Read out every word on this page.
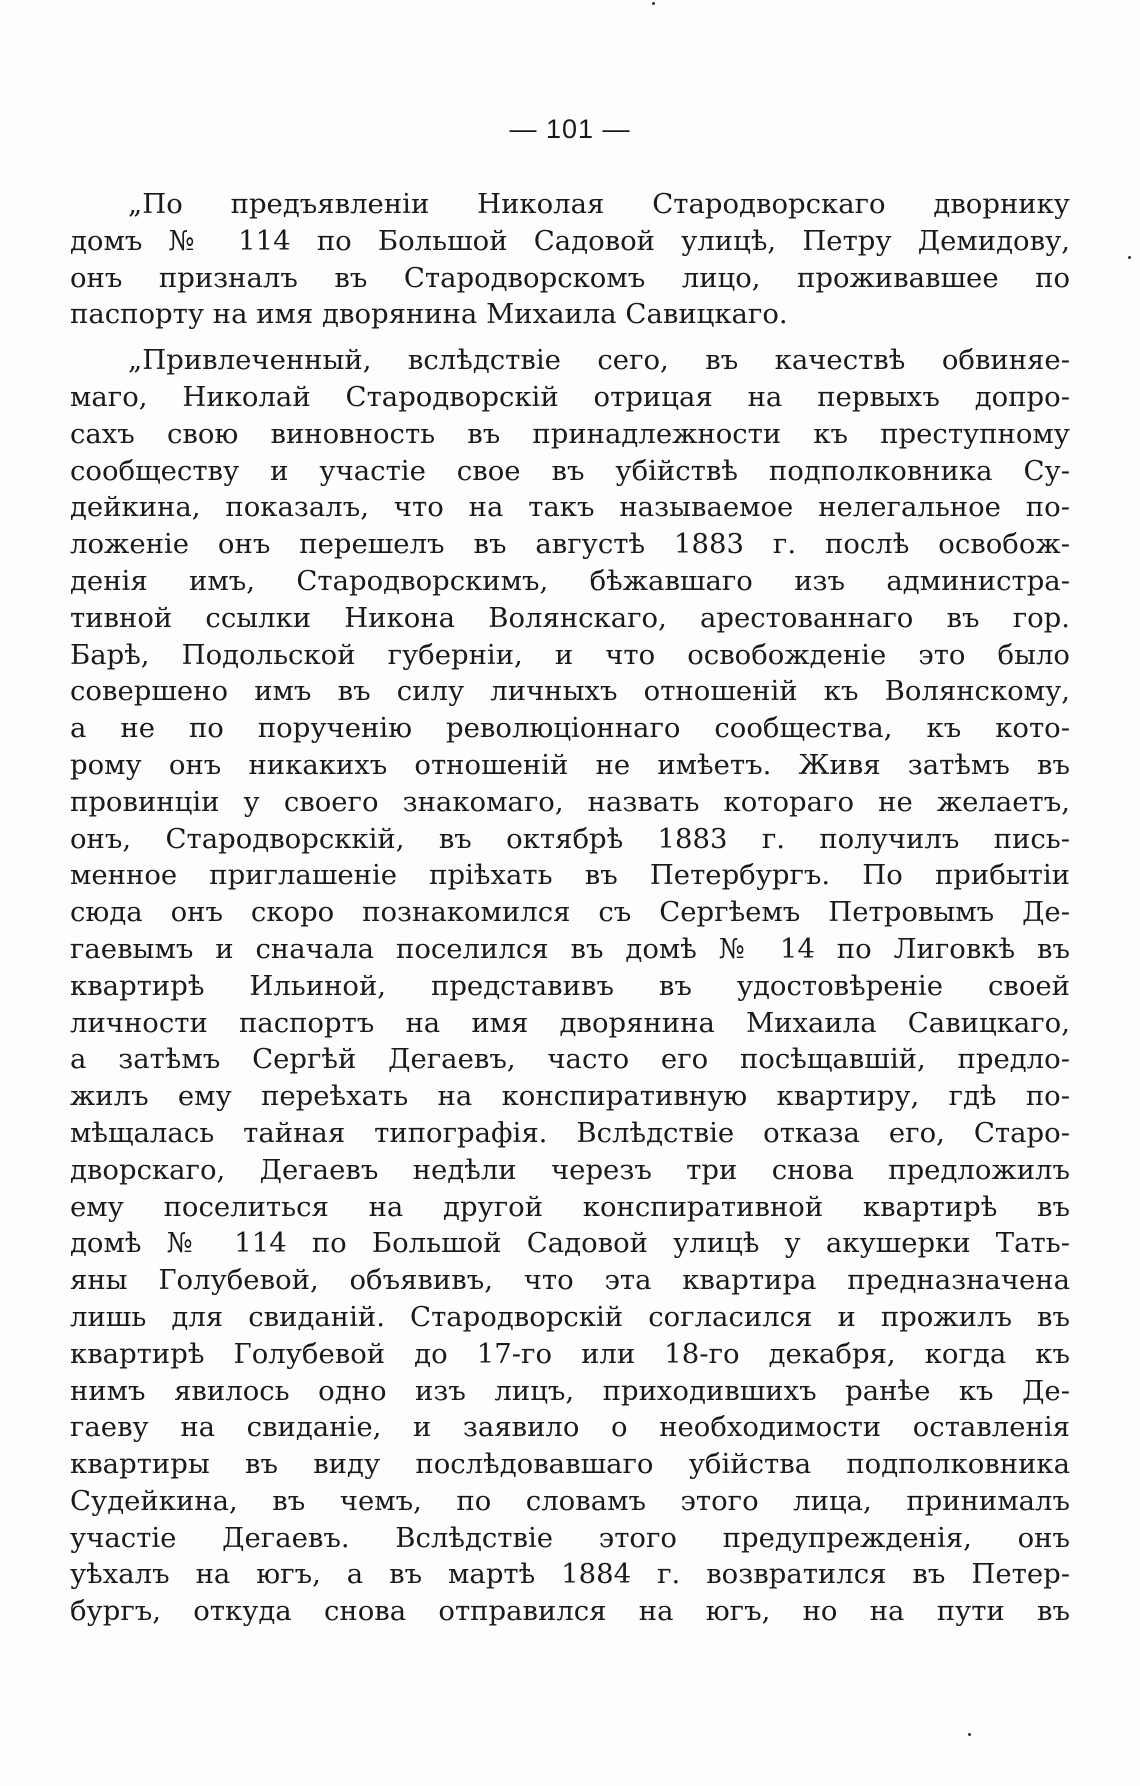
— 101 —
„По предъявленіи Николая Стародворскаго дворнику
домъ № 114 по Большой Садовой улицѣ, Петру Демидову,
онъ призналъ въ Стародворскомъ лицо, проживавшее по
паспорту на имя дворянина Михаила Савицкаго.
„Привлеченный, вслѣдствіе сего, въ качествѣ обвиняе-
маго, Николай Стародворскій отрицая на первыхъ допро-
сахъ свою виновность въ принадлежности къ преступному
сообществу и участіе свое въ убійствѣ подполковника Су-
дейкина, показалъ, что на такъ называемое нелегальное по-
ложеніе онъ перешелъ въ августѣ 1883 г. послѣ освобож-
денія имъ, Стародворскимъ, бѣжавшаго изъ администра-
тивной ссылки Никона Волянскаго, арестованнаго въ гор.
Барѣ, Подольской губерніи, и что освобожденіе это было
совершено имъ въ силу личныхъ отношеній къ Волянскому,
а не по порученію революціоннаго сообщества, къ кото-
рому онъ никакихъ отношеній не имѣетъ. Живя затѣмъ въ
провинціи у своего знакомаго, назвать котораго не желаетъ,
онъ, Стародворсккій, въ октябрѣ 1883 г. получилъ пись-
менное приглашеніе пріѣхать въ Петербургъ. По прибытіи
сюда онъ скоро познакомился съ Сергѣемъ Петровымъ Де-
гаевымъ и сначала поселился въ домѣ № 14 по Лиговкѣ въ
квартирѣ Ильиной, представивъ въ удостовѣреніе своей
личности паспортъ на имя дворянина Михаила Савицкаго,
а затѣмъ Сергѣй Дегаевъ, часто его посѣщавшій, предло-
жилъ ему переѣхать на конспиративную квартиру, гдѣ по-
мѣщалась тайная типографія. Вслѣдствіе отказа его, Старо-
дворскаго, Дегаевъ недѣли черезъ три снова предложилъ
ему поселиться на другой конспиративной квартирѣ въ
домѣ № 114 по Большой Садовой улицѣ у акушерки Тать-
яны Голубевой, объявивъ, что эта квартира предназначена
лишь для свиданій. Стародворскій согласился и прожилъ въ
квартирѣ Голубевой до 17-го или 18-го декабря, когда къ
нимъ явилось одно изъ лицъ, приходившихъ ранѣе къ Де-
гаеву на свиданіе, и заявило о необходимости оставленія
квартиры въ виду послѣдовавшаго убійства подполковника
Судейкина, въ чемъ, по словамъ этого лица, принималъ
участіе Дегаевъ. Вслѣдствіе этого предупрежденія, онъ
уѣхалъ на югъ, а въ мартѣ 1884 г. возвратился въ Петер-
бургъ, откуда снова отправился на югъ, но на пути въ
